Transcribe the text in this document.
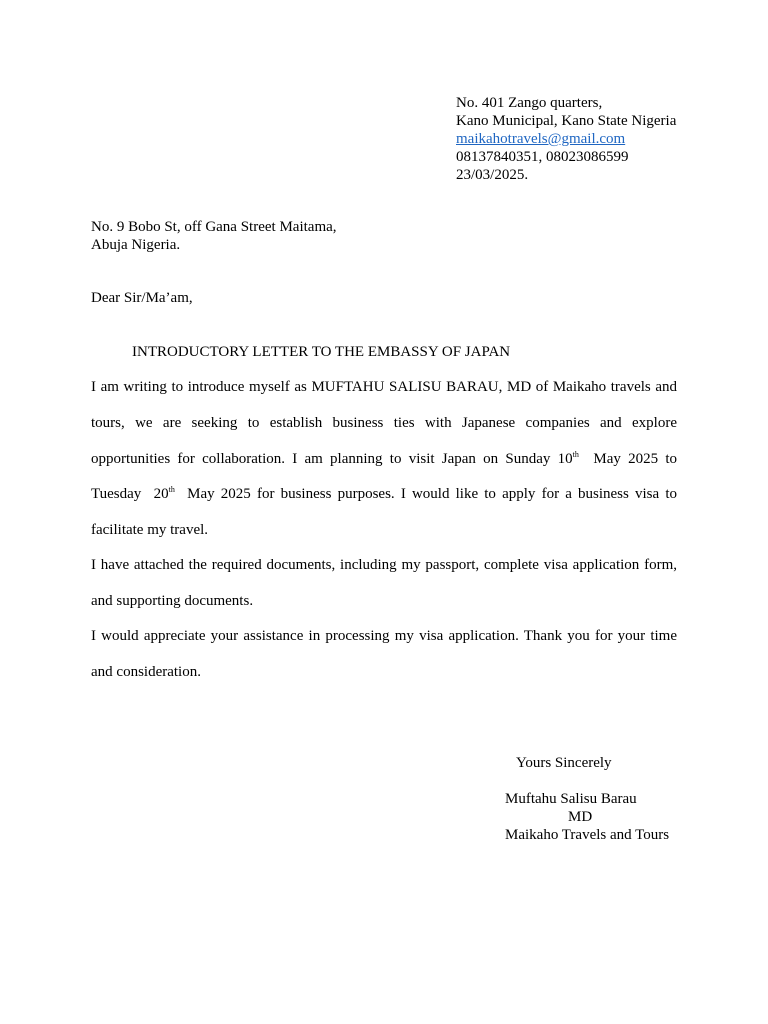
No. 401 Zango quarters,
Kano Municipal, Kano State Nigeria
maikahotravels@gmail.com
08137840351, 08023086599
23/03/2025.
No. 9 Bobo St, off Gana Street Maitama,
Abuja Nigeria.
Dear Sir/Ma’am,
INTRODUCTORY LETTER TO THE EMBASSY OF JAPAN

I am writing to introduce myself as MUFTAHU SALISU BARAU, MD of Maikaho travels and tours, we are seeking to establish business ties with Japanese companies and explore opportunities for collaboration. I am planning to visit Japan on Sunday 10th  May 2025 to Tuesday  20th  May 2025 for business purposes. I would like to apply for a business visa to facilitate my travel.

I have attached the required documents, including my passport, complete visa application form, and supporting documents.

I would appreciate your assistance in processing my visa application. Thank you for your time and consideration.

Yours Sincerely
Muftahu Salisu Barau
MD
Maikaho Travels and Tours
